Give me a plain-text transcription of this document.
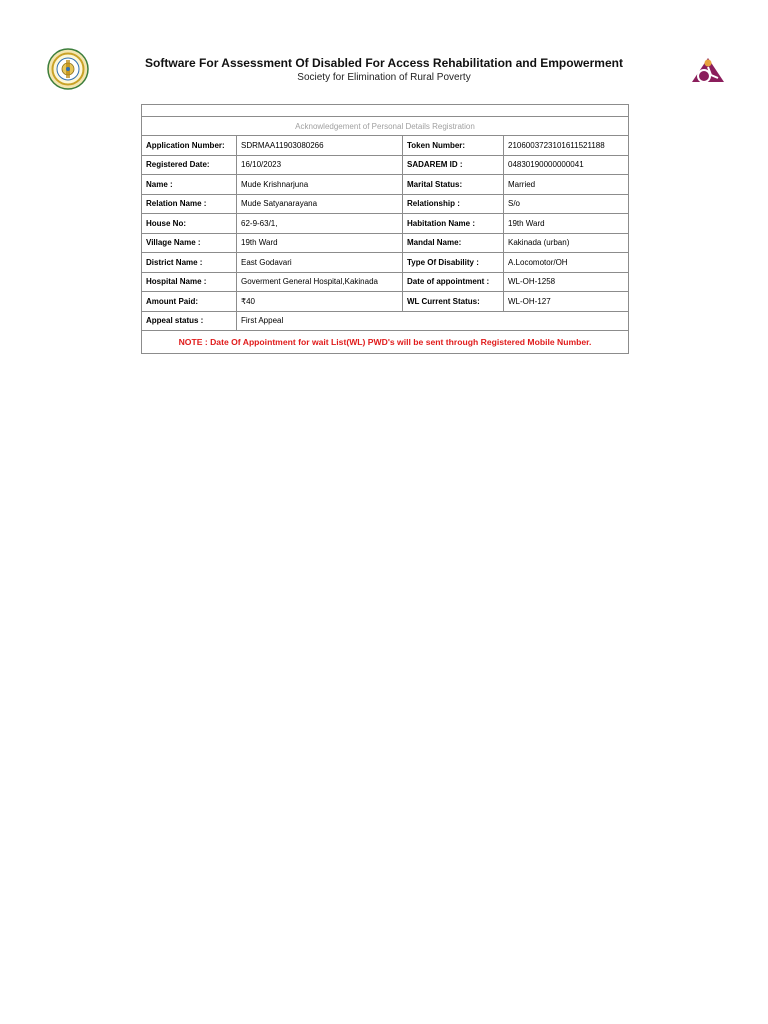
Software For Assessment Of Disabled For Access Rehabilitation and Empowerment
Society for Elimination of Rural Poverty

Acknowledgement of Personal Details Registration			
Application Number:	SDRMAA11903080266	Token Number:	21060037231016115211​88
Registered Date:	16/10/2023	SADAREM ID :	04830190000000041
Name :	Mude Krishnarjuna	Marital Status:	Married
Relation Name :	Mude Satyanarayana	Relationship :	S/o
House No:	62-9-63/1,	Habitation Name :	19th Ward
Village Name :	19th Ward	Mandal Name:	Kakinada (urban)
District Name :	East Godavari	Type Of Disability :	A.Locomotor/OH
Hospital Name :	Goverment General Hospital,Kakinada	Date of appointment :	WL-OH-1258
Amount Paid:	₹40	WL Current Status:	WL-OH-127
Appeal status :	First Appeal		
NOTE : Date Of Appointment for wait List(WL) PWD's will be sent through Registered Mobile Number.			
